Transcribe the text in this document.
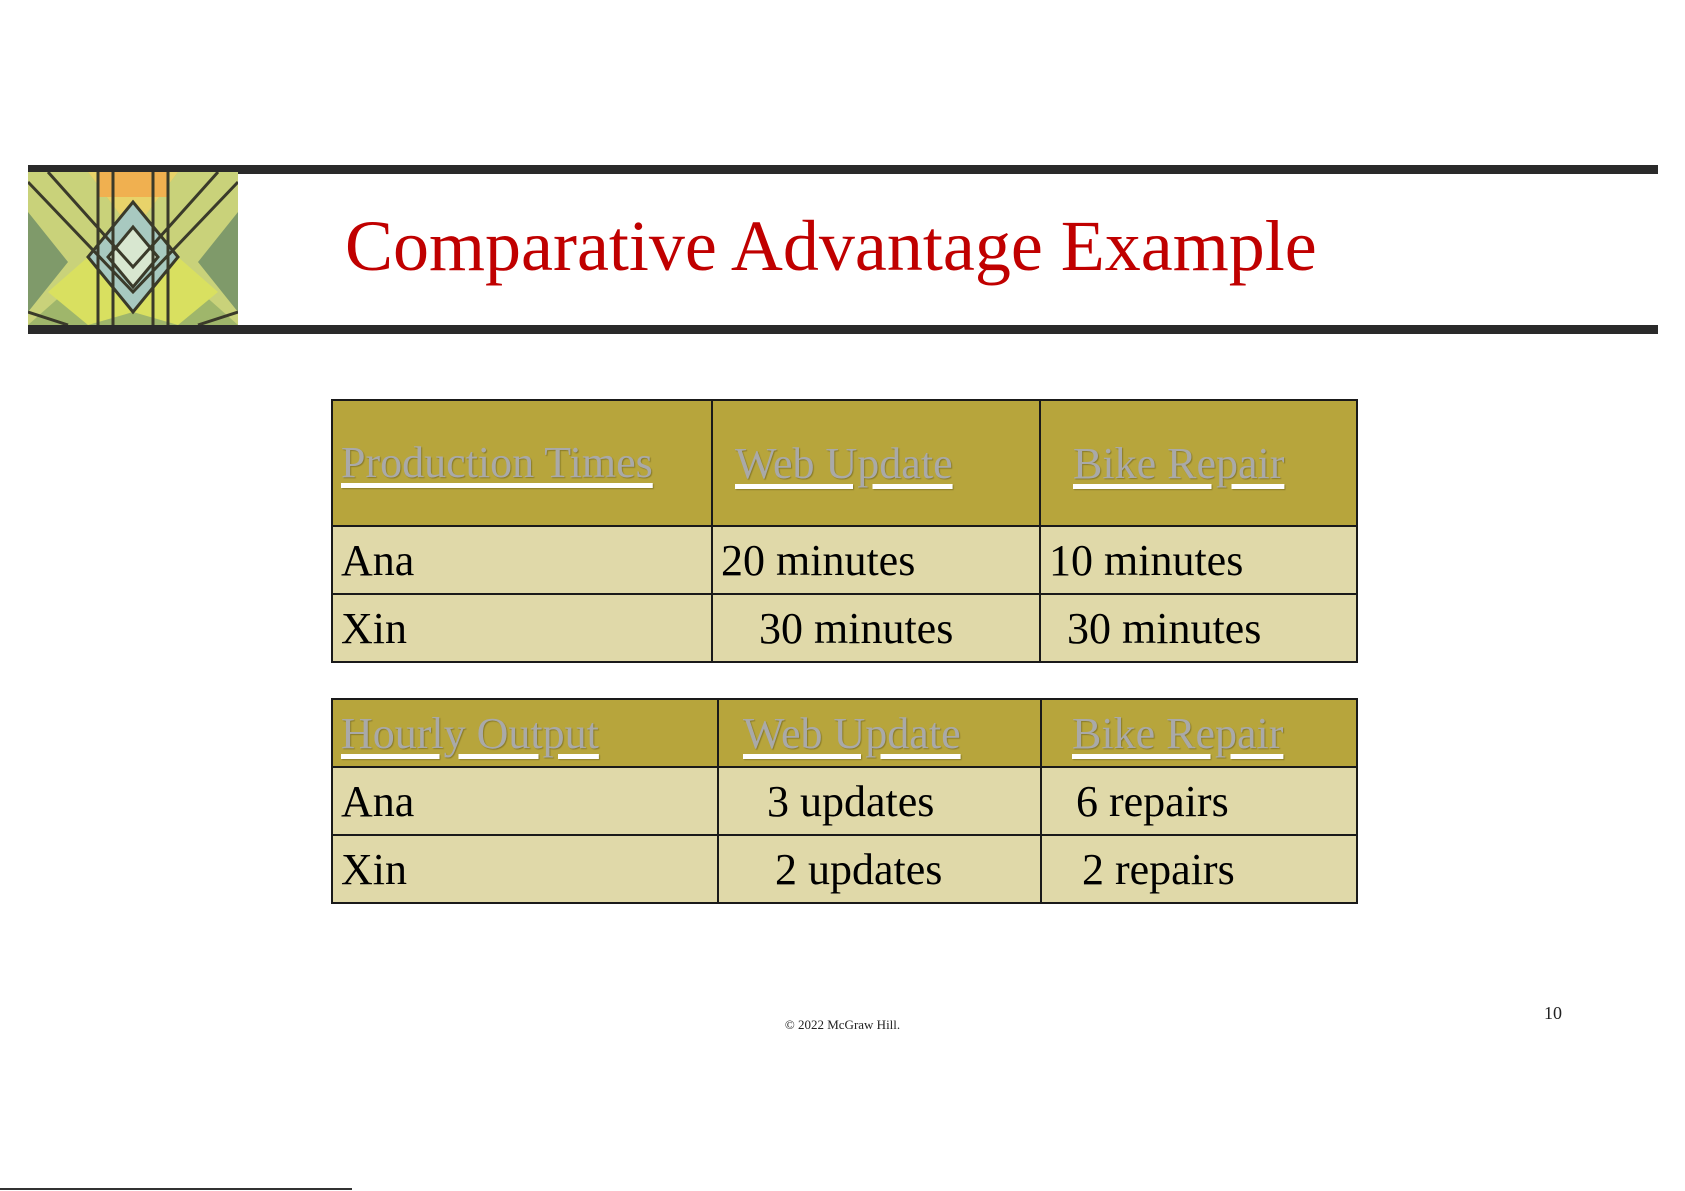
Comparative Advantage Example
Production Times	Web Update	Bike Repair
Ana	20 minutes	10 minutes
Xin	30 minutes	30 minutes
Hourly Output	Web Update	Bike Repair
Ana	3 updates	6 repairs
Xin	2 updates	2 repairs
© 2022 McGraw Hill.
10
